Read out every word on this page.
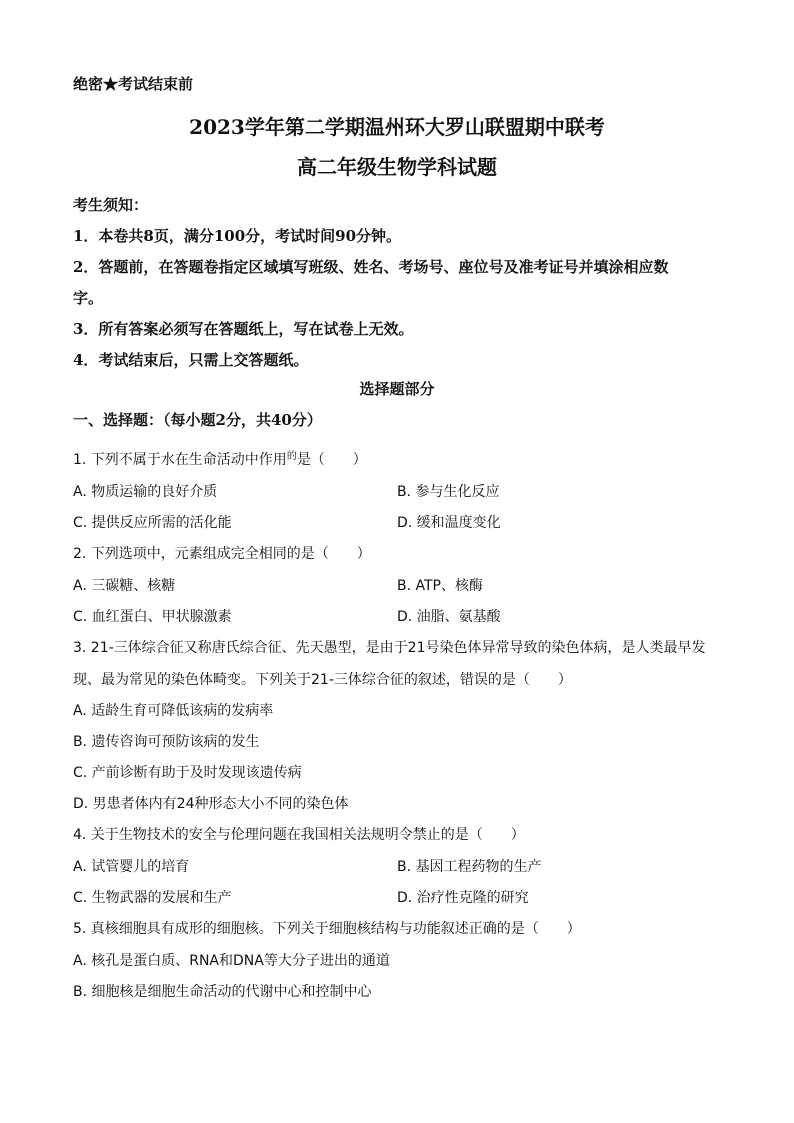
绝密★考试结束前
2023学年第二学期温州环大罗山联盟期中联考
高二年级生物学科试题
考生须知：
1．本卷共8页，满分100分，考试时间90分钟。
2．答题前，在答题卷指定区域填写班级、姓名、考场号、座位号及准考证号并填涂相应数
字。
3．所有答案必须写在答题纸上，写在试卷上无效。
4．考试结束后，只需上交答题纸。
选择题部分
一、选择题：（每小题2分，共40分）
1. 下列不属于水在生命活动中作用$^的$是（　　）
A. 物质运输的良好介质	B. 参与生化反应
C. 提供反应所需的活化能	D. 缓和温度变化
2. 下列选项中，元素组成完全相同的是（　　）
A. 三碳糖、核糖	B. ATP、核酶
C. 血红蛋白、甲状腺激素	D. 油脂、氨基酸
3. 21-三体综合征又称唐氏综合征、先天愚型，是由于21号染色体异常导致的染色体病，是人类最早发
现、最为常见的染色体畸变。下列关于21-三体综合征的叙述，错误的是（　　）
A. 适龄生育可降低该病的发病率
B. 遗传咨询可预防该病的发生
C. 产前诊断有助于及时发现该遗传病
D. 男患者体内有24种形态大小不同的染色体
4. 关于生物技术的安全与伦理问题在我国相关法规明令禁止的是（　　）
A. 试管婴儿的培育	B. 基因工程药物的生产
C. 生物武器的发展和生产	D. 治疗性克隆的研究
5. 真核细胞具有成形的细胞核。下列关于细胞核结构与功能叙述正确的是（　　）
A. 核孔是蛋白质、RNA和DNA等大分子进出的通道
B. 细胞核是细胞生命活动的代谢中心和控制中心
